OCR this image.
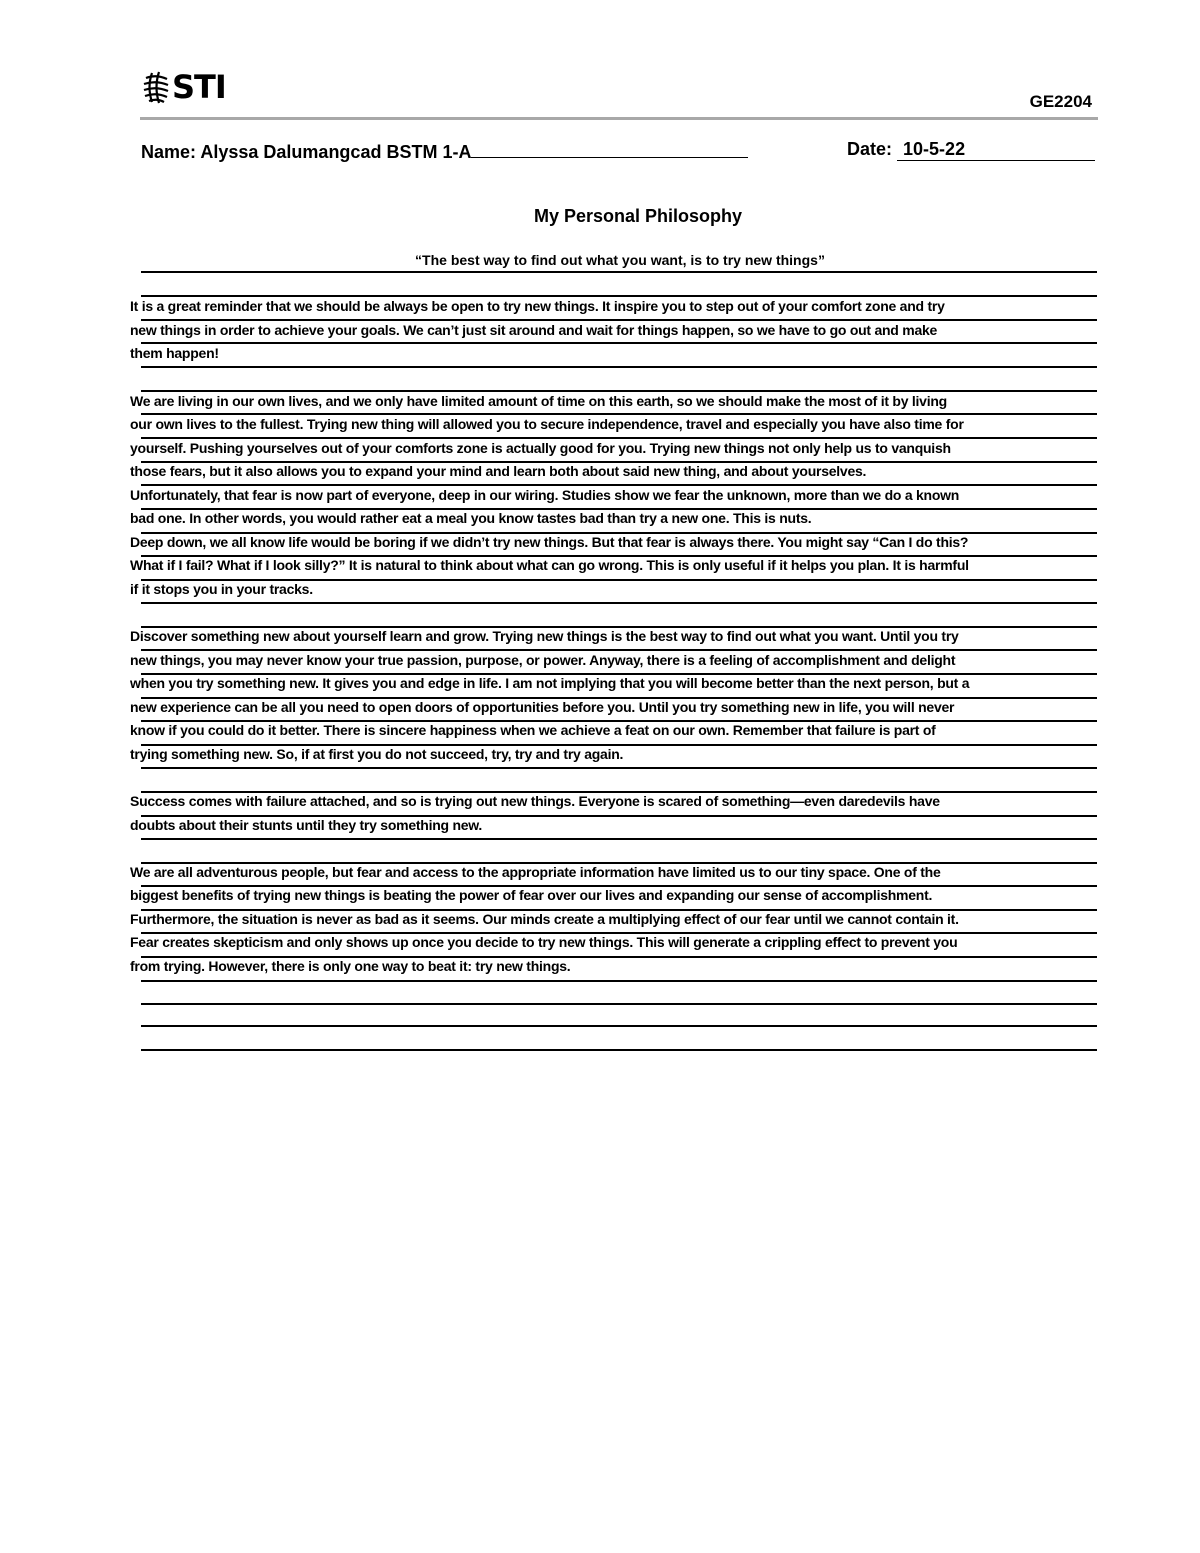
STI	GE2204
Name: Alyssa Dalumangcad BSTM 1-A	Date: 10-5-22
My Personal Philosophy
“The best way to find out what you want, is to try new things”
It is a great reminder that we should be always be open to try new things. It inspire you to step out of your comfort zone and try
new things in order to achieve your goals. We can’t just sit around and wait for things happen, so we have to go out and make
them happen!
We are living in our own lives, and we only have limited amount of time on this earth, so we should make the most of it by living
our own lives to the fullest. Trying new thing will allowed you to secure independence, travel and especially you have also time for
yourself. Pushing yourselves out of your comforts zone is actually good for you. Trying new things not only help us to vanquish
those fears, but it also allows you to expand your mind and learn both about said new thing, and about yourselves.
Unfortunately, that fear is now part of everyone, deep in our wiring. Studies show we fear the unknown, more than we do a known
bad one. In other words, you would rather eat a meal you know tastes bad than try a new one. This is nuts.
Deep down, we all know life would be boring if we didn’t try new things. But that fear is always there. You might say “Can I do this?
What if I fail? What if I look silly?” It is natural to think about what can go wrong. This is only useful if it helps you plan. It is harmful
if it stops you in your tracks.
Discover something new about yourself learn and grow. Trying new things is the best way to find out what you want. Until you try
new things, you may never know your true passion, purpose, or power. Anyway, there is a feeling of accomplishment and delight
when you try something new. It gives you and edge in life. I am not implying that you will become better than the next person, but a
new experience can be all you need to open doors of opportunities before you. Until you try something new in life, you will never
know if you could do it better. There is sincere happiness when we achieve a feat on our own. Remember that failure is part of
trying something new. So, if at first you do not succeed, try, try and try again.
Success comes with failure attached, and so is trying out new things. Everyone is scared of something—even daredevils have
doubts about their stunts until they try something new.
We are all adventurous people, but fear and access to the appropriate information have limited us to our tiny space. One of the
biggest benefits of trying new things is beating the power of fear over our lives and expanding our sense of accomplishment.
Furthermore, the situation is never as bad as it seems. Our minds create a multiplying effect of our fear until we cannot contain it.
Fear creates skepticism and only shows up once you decide to try new things. This will generate a crippling effect to prevent you
from trying. However, there is only one way to beat it: try new things.
